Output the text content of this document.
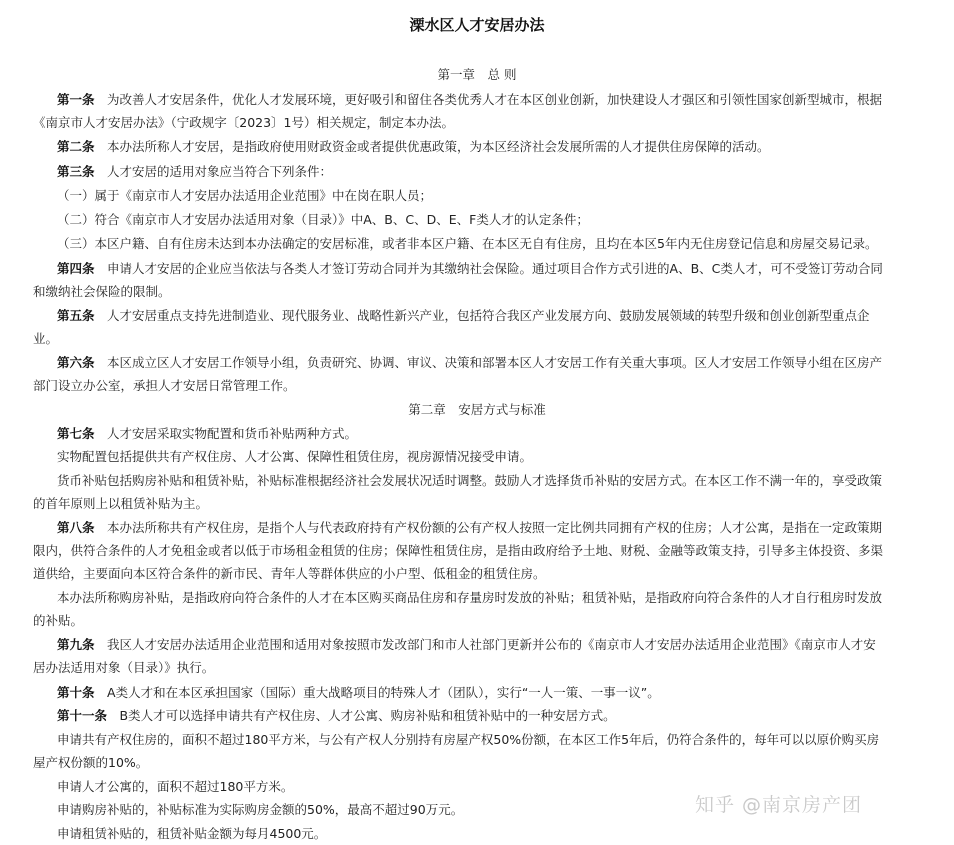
溧水区人才安居办法
第一章　总 则
第一条　 为改善人才安居条件，优化人才发展环境，更好吸引和留住各类优秀人才在本区创业创新，加快建设人才强区和引领性国家创新型城市，根据
《南京市人才安居办法》（宁政规字〔2023〕1号）相关规定，制定本办法。
第二条　 本办法所称人才安居，是指政府使用财政资金或者提供优惠政策，为本区经济社会发展所需的人才提供住房保障的活动。
第三条　 人才安居的适用对象应当符合下列条件：
（一）属于《南京市人才安居办法适用企业范围》中在岗在职人员；
（二）符合《南京市人才安居办法适用对象（目录）》中A、B、C、D、E、F类人才的认定条件；
（三）本区户籍、自有住房未达到本办法确定的安居标准，或者非本区户籍、在本区无自有住房，且均在本区5年内无住房登记信息和房屋交易记录。
第四条　 申请人才安居的企业应当依法与各类人才签订劳动合同并为其缴纳社会保险。通过项目合作方式引进的A、B、C类人才，可不受签订劳动合同
和缴纳社会保险的限制。
第五条　 人才安居重点支持先进制造业、现代服务业、战略性新兴产业，包括符合我区产业发展方向、鼓励发展领域的转型升级和创业创新型重点企
业。
第六条　 本区成立区人才安居工作领导小组，负责研究、协调、审议、决策和部署本区人才安居工作有关重大事项。区人才安居工作领导小组在区房产
部门设立办公室，承担人才安居日常管理工作。
第二章　安居方式与标准
第七条　 人才安居采取实物配置和货币补贴两种方式。
实物配置包括提供共有产权住房、人才公寓、保障性租赁住房，视房源情况接受申请。
货币补贴包括购房补贴和租赁补贴，补贴标准根据经济社会发展状况适时调整。鼓励人才选择货币补贴的安居方式。在本区工作不满一年的，享受政策
的首年原则上以租赁补贴为主。
第八条　 本办法所称共有产权住房，是指个人与代表政府持有产权份额的公有产权人按照一定比例共同拥有产权的住房；人才公寓，是指在一定政策期
限内，供符合条件的人才免租金或者以低于市场租金租赁的住房；保障性租赁住房，是指由政府给予土地、财税、金融等政策支持，引导多主体投资、多渠
道供给，主要面向本区符合条件的新市民、青年人等群体供应的小户型、低租金的租赁住房。
本办法所称购房补贴，是指政府向符合条件的人才在本区购买商品住房和存量房时发放的补贴；租赁补贴，是指政府向符合条件的人才自行租房时发放
的补贴。
第九条　 我区人才安居办法适用企业范围和适用对象按照市发改部门和市人社部门更新并公布的《南京市人才安居办法适用企业范围》《南京市人才安
居办法适用对象（目录）》执行。
第十条　 A类人才和在本区承担国家（国际）重大战略项目的特殊人才（团队），实行“一人一策、一事一议”。
第十一条　 B类人才可以选择申请共有产权住房、人才公寓、购房补贴和租赁补贴中的一种安居方式。
申请共有产权住房的，面积不超过180平方米，与公有产权人分别持有房屋产权50%份额，在本区工作5年后，仍符合条件的，每年可以以原价购买房
屋产权份额的10%。
申请人才公寓的，面积不超过180平方米。
申请购房补贴的，补贴标准为实际购房金额的50%，最高不超过90万元。
申请租赁补贴的，租赁补贴金额为每月4500元。
知乎 @南京房产团
